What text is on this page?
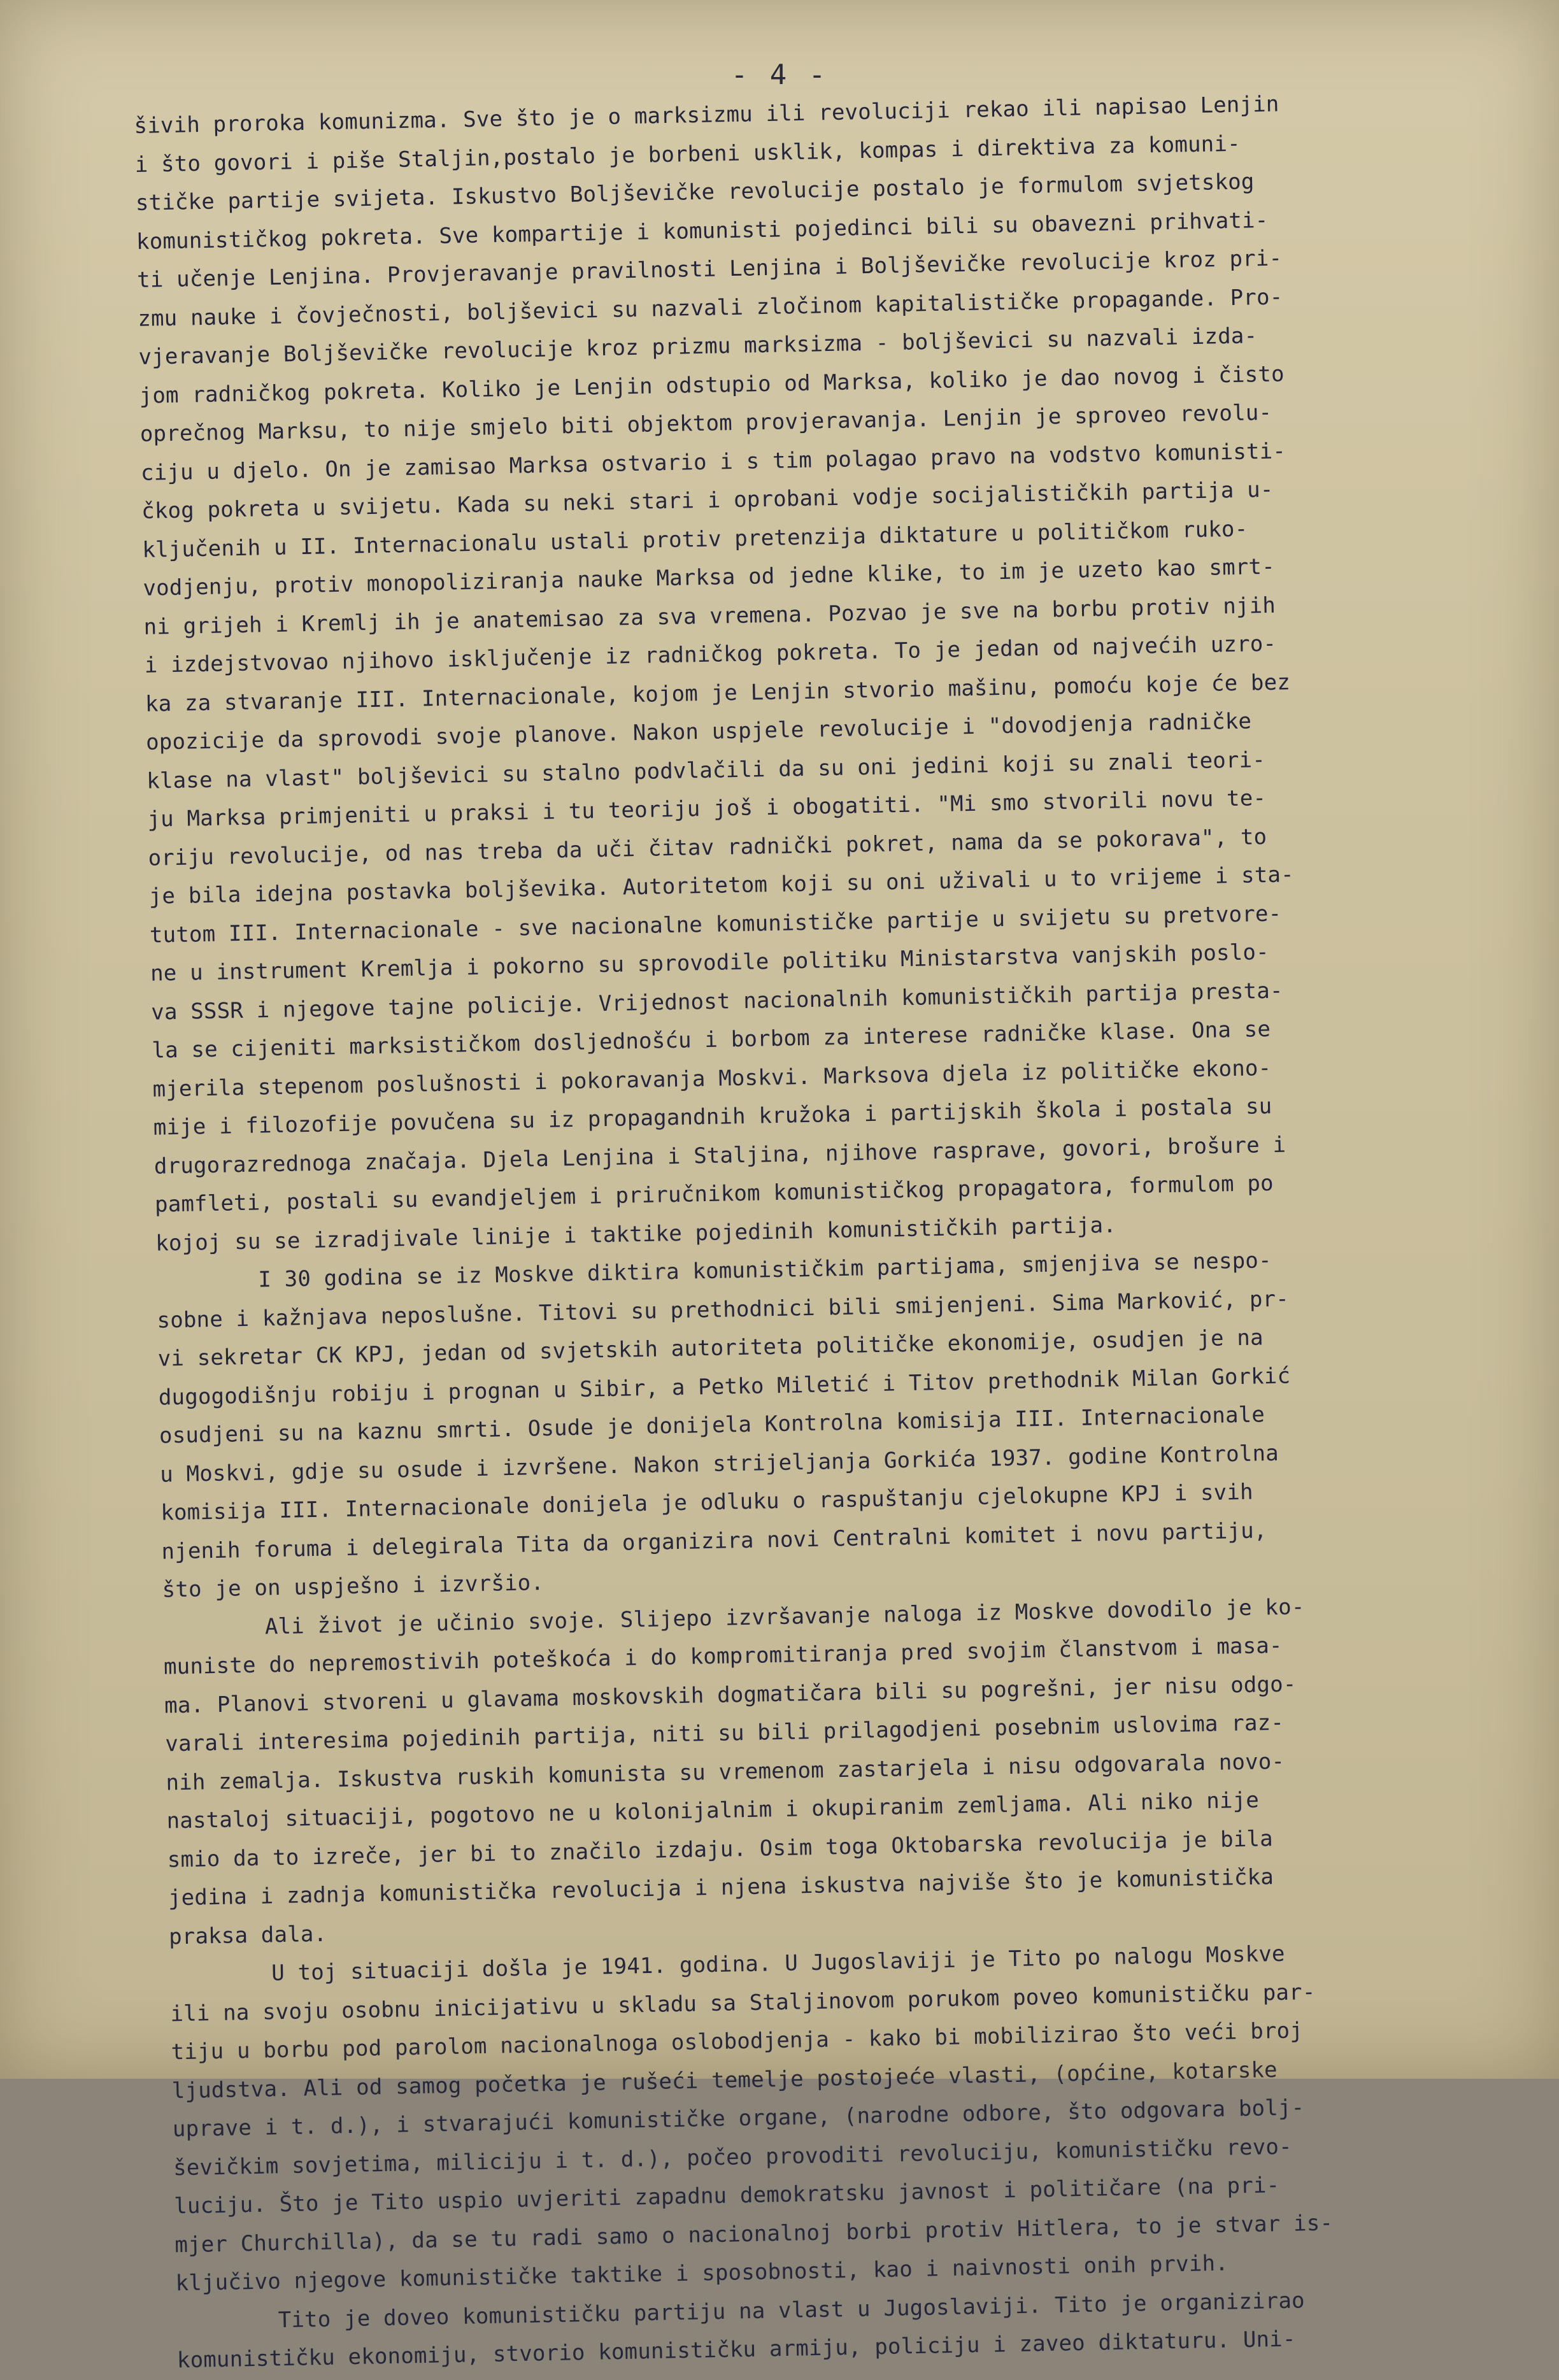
- 4 -
šivih proroka komunizma. Sve što je o marksizmu ili revoluciji rekao ili napisao Lenjin
i što govori i piše Staljin,postalo je borbeni usklik, kompas i direktiva za komuni-
stičke partije svijeta. Iskustvo Boljševičke revolucije postalo je formulom svjetskog
komunističkog pokreta. Sve kompartije i komunisti pojedinci bili su obavezni prihvati-
ti učenje Lenjina. Provjeravanje pravilnosti Lenjina i Boljševičke revolucije kroz pri-
zmu nauke i čovječnosti, boljševici su nazvali zločinom kapitalističke propagande. Pro-
vjeravanje Boljševičke revolucije kroz prizmu marksizma - boljševici su nazvali izda-
jom radničkog pokreta. Koliko je Lenjin odstupio od Marksa, koliko je dao novog i čisto
oprečnog Marksu, to nije smjelo biti objektom provjeravanja. Lenjin je sproveo revolu-
ciju u djelo. On je zamisao Marksa ostvario i s tim polagao pravo na vodstvo komunisti-
čkog pokreta u svijetu. Kada su neki stari i oprobani vodje socijalističkih partija u-
ključenih u II. Internacionalu ustali protiv pretenzija diktature u političkom ruko-
vodjenju, protiv monopoliziranja nauke Marksa od jedne klike, to im je uzeto kao smrt-
ni grijeh i Kremlj ih je anatemisao za sva vremena. Pozvao je sve na borbu protiv njih
i izdejstvovao njihovo isključenje iz radničkog pokreta. To je jedan od najvećih uzro-
ka za stvaranje III. Internacionale, kojom je Lenjin stvorio mašinu, pomoću koje će bez
opozicije da sprovodi svoje planove. Nakon uspjele revolucije i "dovodjenja radničke
klase na vlast" boljševici su stalno podvlačili da su oni jedini koji su znali teori-
ju Marksa primjeniti u praksi i tu teoriju još i obogatiti. "Mi smo stvorili novu te-
oriju revolucije, od nas treba da uči čitav radnički pokret, nama da se pokorava", to
je bila idejna postavka boljševika. Autoritetom koji su oni uživali u to vrijeme i sta-
tutom III. Internacionale - sve nacionalne komunističke partije u svijetu su pretvore-
ne u instrument Kremlja i pokorno su sprovodile politiku Ministarstva vanjskih poslo-
va SSSR i njegove tajne policije. Vrijednost nacionalnih komunističkih partija presta-
la se cijeniti marksističkom dosljednošću i borbom za interese radničke klase. Ona se
mjerila stepenom poslušnosti i pokoravanja Moskvi. Marksova djela iz političke ekono-
mije i filozofije povučena su iz propagandnih kružoka i partijskih škola i postala su
drugorazrednoga značaja. Djela Lenjina i Staljina, njihove rasprave, govori, brošure i
pamfleti, postali su evandjeljem i priručnikom komunističkog propagatora, formulom po
kojoj su se izradjivale linije i taktike pojedinih komunističkih partija.
I 30 godina se iz Moskve diktira komunističkim partijama, smjenjiva se nespo-
sobne i kažnjava neposlušne. Titovi su prethodnici bili smijenjeni. Sima Marković, pr-
vi sekretar CK KPJ, jedan od svjetskih autoriteta političke ekonomije, osudjen je na
dugogodišnju robiju i prognan u Sibir, a Petko Miletić i Titov prethodnik Milan Gorkić
osudjeni su na kaznu smrti. Osude je donijela Kontrolna komisija III. Internacionale
u Moskvi, gdje su osude i izvršene. Nakon strijeljanja Gorkića 1937. godine Kontrolna
komisija III. Internacionale donijela je odluku o raspuštanju cjelokupne KPJ i svih
njenih foruma i delegirala Tita da organizira novi Centralni komitet i novu partiju,
što je on uspješno i izvršio.
Ali život je učinio svoje. Slijepo izvršavanje naloga iz Moskve dovodilo je ko-
muniste do nepremostivih poteškoća i do kompromitiranja pred svojim članstvom i masa-
ma. Planovi stvoreni u glavama moskovskih dogmatičara bili su pogrešni, jer nisu odgo-
varali interesima pojedinih partija, niti su bili prilagodjeni posebnim uslovima raz-
nih zemalja. Iskustva ruskih komunista su vremenom zastarjela i nisu odgovarala novo-
nastaloj situaciji, pogotovo ne u kolonijalnim i okupiranim zemljama. Ali niko nije
smio da to izreče, jer bi to značilo izdaju. Osim toga Oktobarska revolucija je bila
jedina i zadnja komunistička revolucija i njena iskustva najviše što je komunistička
praksa dala.
U toj situaciji došla je 1941. godina. U Jugoslaviji je Tito po nalogu Moskve
ili na svoju osobnu inicijativu u skladu sa Staljinovom porukom poveo komunističku par-
tiju u borbu pod parolom nacionalnoga oslobodjenja - kako bi mobilizirao što veći broj
ljudstva. Ali od samog početka je rušeći temelje postojeće vlasti, (općine, kotarske
uprave i t. d.), i stvarajući komunističke organe, (narodne odbore, što odgovara bolj-
ševičkim sovjetima, miliciju i t. d.), počeo provoditi revoluciju, komunističku revo-
luciju. Što je Tito uspio uvjeriti zapadnu demokratsku javnost i političare (na pri-
mjer Churchilla), da se tu radi samo o nacionalnoj borbi protiv Hitlera, to je stvar is-
ključivo njegove komunističke taktike i sposobnosti, kao i naivnosti onih prvih.
Tito je doveo komunističku partiju na vlast u Jugoslaviji. Tito je organizirao
komunističku ekonomiju, stvorio komunističku armiju, policiju i zaveo diktaturu. Uni-
